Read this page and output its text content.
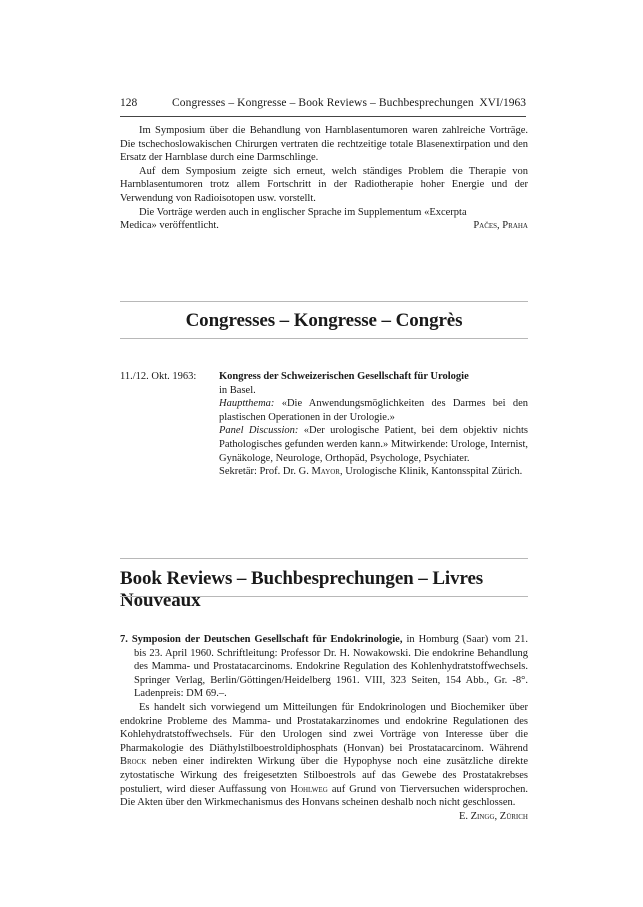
128	Congresses – Kongresse – Book Reviews – Buchbesprechungen XVI/1963

Im Symposium über die Behandlung von Harnblasentumoren waren zahlreiche Vorträge. Die tschechoslowakischen Chirurgen vertraten die rechtzeitige totale Blasenextirpation und den Ersatz der Harnblase durch eine Darmschlinge.

Auf dem Symposium zeigte sich erneut, welch ständiges Problem die Therapie von Harnblasentumoren trotz allem Fortschritt in der Radiotherapie hoher Energie und der Verwendung von Radioisotopen usw. vorstellt.

Die Vorträge werden auch in englischer Sprache im Supplementum «Excerpta

Medica» veröffentlicht.	Pačes, Praha
Congresses – Kongresse – Congrès
11./12. Okt. 1963: Kongress der Schweizerischen Gesellschaft für Urologie
in Basel.
Hauptthema: «Die Anwendungsmöglichkeiten des Darmes bei den plastischen Operationen in der Urologie.»
Panel Discussion: «Der urologische Patient, bei dem objektiv nichts Pathologisches gefunden werden kann.» Mitwirkende: Urologe, Internist, Gynäkologe, Neurologe, Orthopäd, Psychologe, Psychiater.
Sekretär: Prof. Dr. G. Mayor, Urologische Klinik, Kantonsspital Zürich.
Book Reviews – Buchbesprechungen – Livres Nouveaux
7. Symposion der Deutschen Gesellschaft für Endokrinologie, in Homburg (Saar) vom 21. bis 23. April 1960. Schriftleitung: Professor Dr. H. Nowakowski. Die endokrine Behandlung des Mamma- und Prostatacarcinoms. Endokrine Regulation des Kohlenhydratstoffwechsels. Springer Verlag, Berlin/Göttingen/Heidelberg 1961. VIII, 323 Seiten, 154 Abb., Gr. -8°. Ladenpreis: DM 69.–.

Es handelt sich vorwiegend um Mitteilungen für Endokrinologen und Biochemiker über endokrine Probleme des Mamma- und Prostatakarzinomes und endokrine Regulationen des Kohlehydratstoffwechsels. Für den Urologen sind zwei Vorträge von Interesse über die Pharmakologie des Diäthylstilboestroldiphosphats (Honvan) bei Prostatacarcinom. Während Brock neben einer indirekten Wirkung über die Hypophyse noch eine zusätzliche direkte zytostatische Wirkung des freigesetzten Stilboestrols auf das Gewebe des Prostatakrebses postuliert, wird dieser Auffassung von Hohlweg auf Grund von Tierversuchen widersprochen. Die Akten über den Wirkmechanismus des Honvans scheinen deshalb noch nicht geschlossen.
E. Zingg, Zürich
